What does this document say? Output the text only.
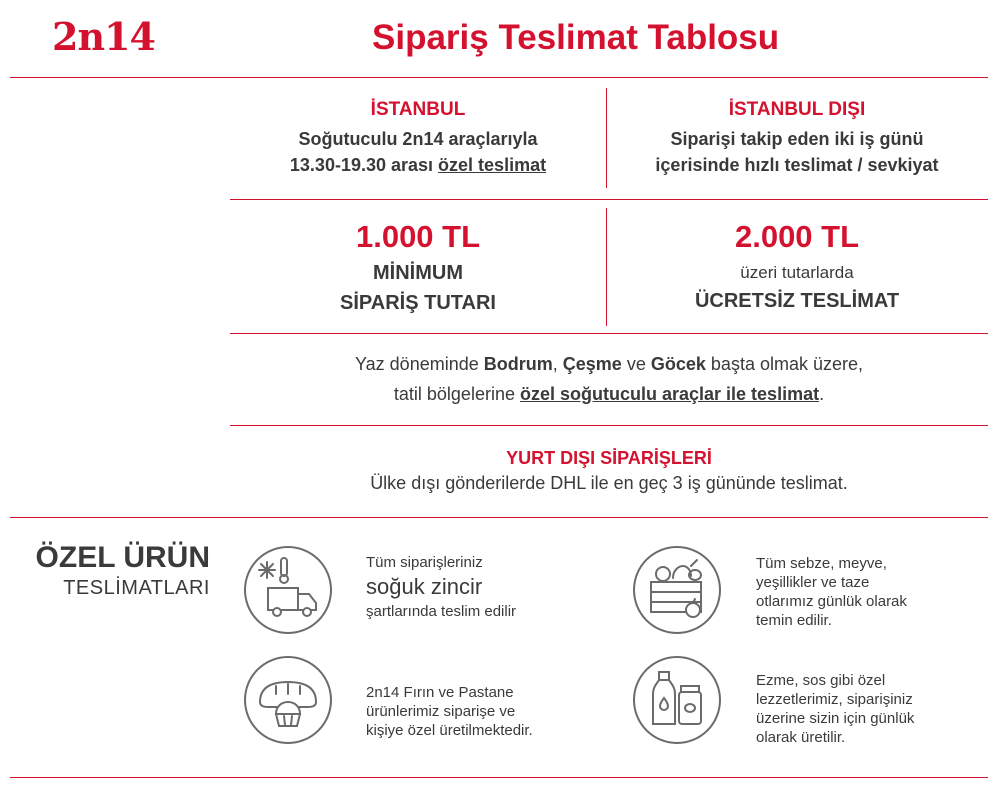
2n14	Sipariş Teslimat Tablosu
İSTANBUL
Soğutuculu 2n14 araçlarıyla
13.30-19.30 arası özel teslimat
İSTANBUL DIŞI
Siparişi takip eden iki iş günü
içerisinde hızlı teslimat / sevkiyat
1.000 TL
MİNİMUM
SİPARİŞ TUTARI
2.000 TL
üzeri tutarlarda
ÜCRETSİZ TESLİMAT
Yaz döneminde Bodrum, Çeşme ve Göcek başta olmak üzere,
tatil bölgelerine özel soğutuculu araçlar ile teslimat.
YURT DIŞI SİPARİŞLERİ
Ülke dışı gönderilerde DHL ile en geç 3 iş gününde teslimat.
ÖZEL ÜRÜN
TESLİMATLARI
Tüm siparişleriniz
soğuk zincir
şartlarında teslim edilir
Tüm sebze, meyve,
yeşillikler ve taze
otlarımız günlük olarak
temin edilir.
2n14 Fırın ve Pastane
ürünlerimiz siparişe ve
kişiye özel üretilmektedir.
Ezme, sos gibi özel
lezzetlerimiz, siparişiniz
üzerine sizin için günlük
olarak üretilir.
